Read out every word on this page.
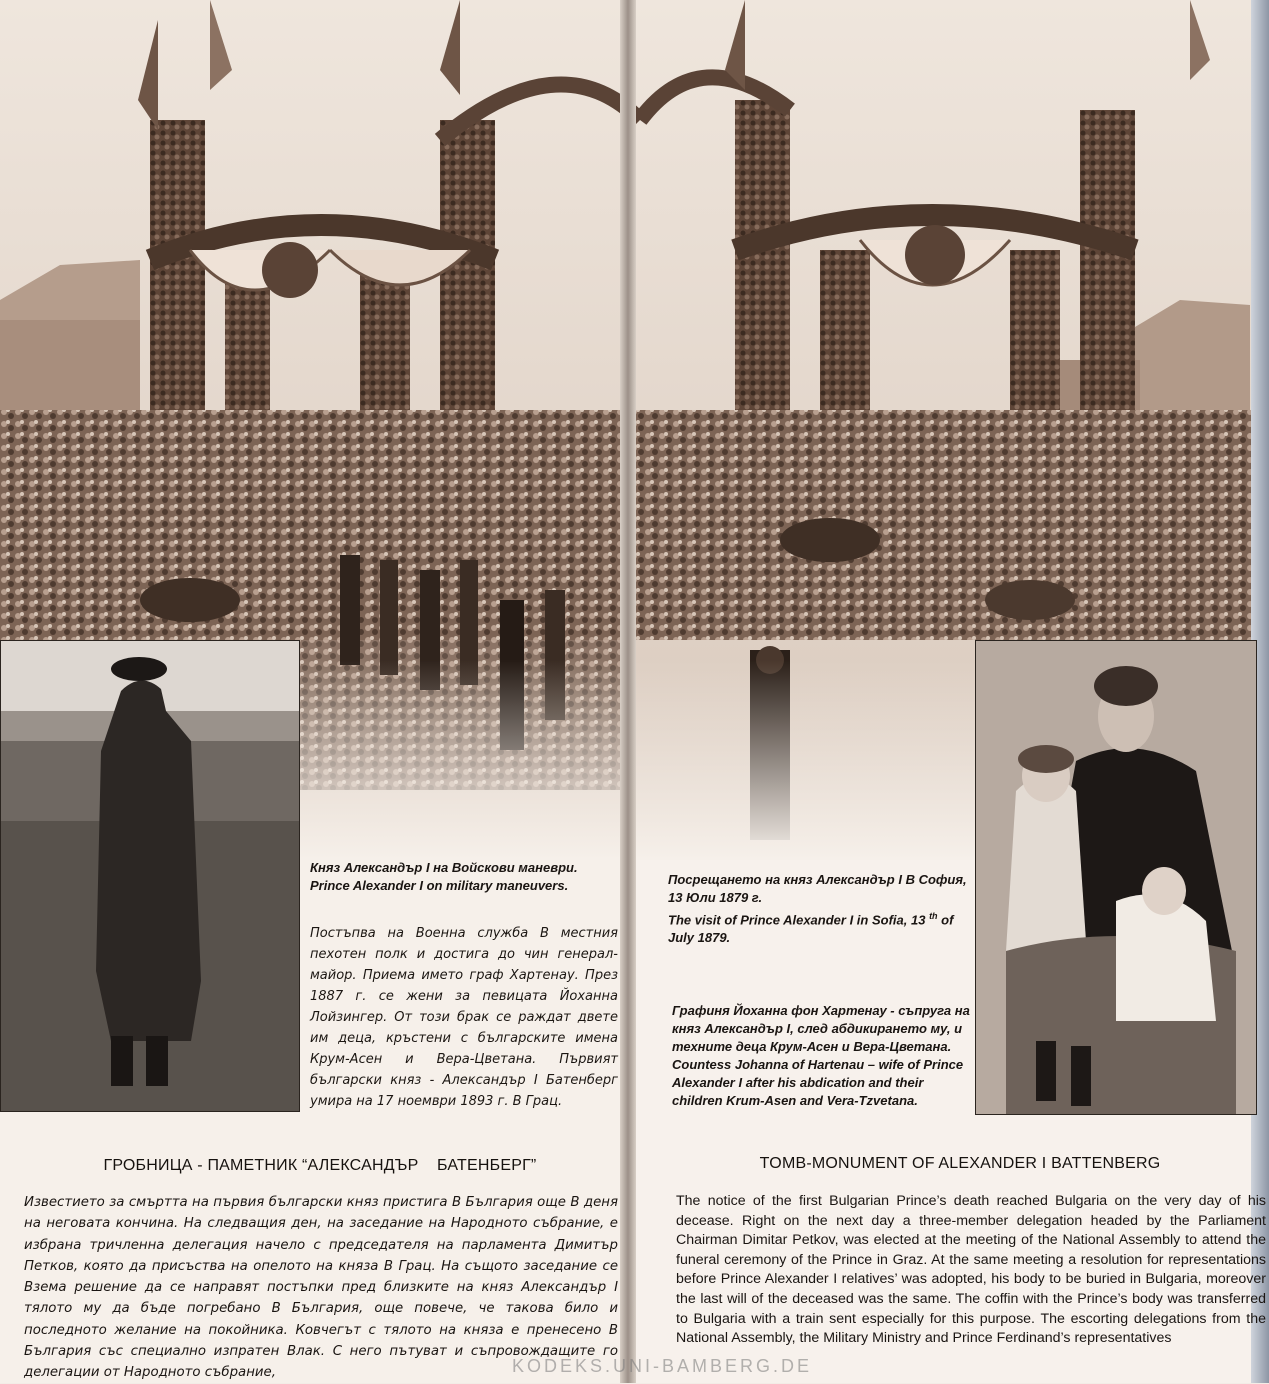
Княз Александър I на Войскови маневри.
Prince Alexander I on military maneuvers.
Постъпва на Военна служба В местния пехотен полк и достига до чин генерал-майор. Приема името граф Хартенау. През 1887 г. се жени за певицата Йоханна Лойзингер. От този брак се раждат двете им деца, кръстени с българските имена Крум-Асен и Вера-Цветана. Първият български княз - Александър I Батенберг умира на 17 ноември 1893 г. В Грац.
Посрещането на княз Александър I В София, 13 Юли 1879 г.
The visit of Prince Alexander I in Sofia, 13 $^{th}$ of July 1879.
Графиня Йоханна фон Хартенау - съпруга на княз Александър I, след абдикирането му, и техните деца Крум-Асен и Вера-Цветана.
Countess Johanna of Hartenau – wife of Prince Alexander I after his abdication and their children Krum-Asen and Vera-Tzvetana.
ГРОБНИЦА - ПАМЕТНИК “АЛЕКСАНДЪР    БАТЕНБЕРГ”	TOMB-MONUMENT OF ALEXANDER I BATTENBERG
Известието за смъртта на първия български княз пристига В България още В деня на неговата кончина. На следващия ден, на заседание на Народното събрание, е избрана тричленна делегация начело с председателя на парламента Димитър Петков, която да присъства на опелото на княза В Грац. На същото заседание се Взема решение да се направят постъпки пред близките на княз Александър I тялото му да бъде погребано В България, още повече, че такова било и последното желание на покойника. Ковчегът с тялото на княза е пренесено В България със специално изпратен Влак. С него пътуват и съпровождащите го делегации от Народното събрание,
The notice of the first Bulgarian Prince’s death reached Bulgaria on the very day of his decease. Right on the next day a three-member delegation headed by the Parliament Chairman Dimitar Petkov, was elected at the meeting of the National Assembly to attend the funeral ceremony of the Prince in Graz. At the same meeting a resolution for representations before Prince Alexander I relatives’ was adopted, his body to be buried in Bulgaria, moreover the last will of the deceased was the same. The coffin with the Prince’s body was transferred to Bulgaria with a train sent especially for this purpose. The escorting delegations from the National Assembly, the Military Ministry and Prince Ferdinand’s representatives
KODEKS.UNI-BAMBERG.DE
